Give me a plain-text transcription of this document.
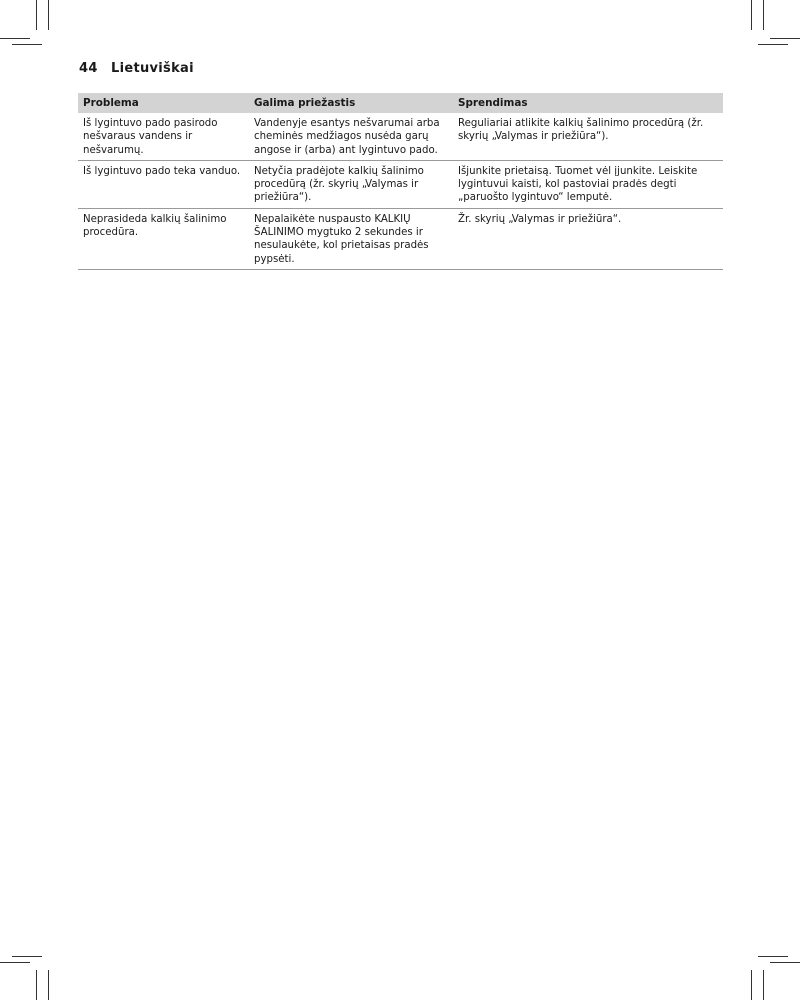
44 Lietuviškai
Problema	Galima priežastis	Sprendimas
Iš lygintuvo pado pasirodo nešvaraus vandens ir nešvarumų.	Vandenyje esantys nešvarumai arba cheminės medžiagos nusėda garų angose ir (arba) ant lygintuvo pado.	Reguliariai atlikite kalkių šalinimo procedūrą (žr. skyrių „Valymas ir priežiūra“).
Iš lygintuvo pado teka vanduo.	Netyčia pradėjote kalkių šalinimo procedūrą (žr. skyrių „Valymas ir priežiūra“).	Išjunkite prietaisą. Tuomet vėl įjunkite. Leiskite lygintuvui kaisti, kol pastoviai pradės degti „paruošto lygintuvo“ lemputė.
Neprasideda kalkių šalinimo procedūra.	Nepalaikėte nuspausto KALKIŲ ŠALINIMO mygtuko 2 sekundes ir nesulaukėte, kol prietaisas pradės pypsėti.	Žr. skyrių „Valymas ir priežiūra“.
